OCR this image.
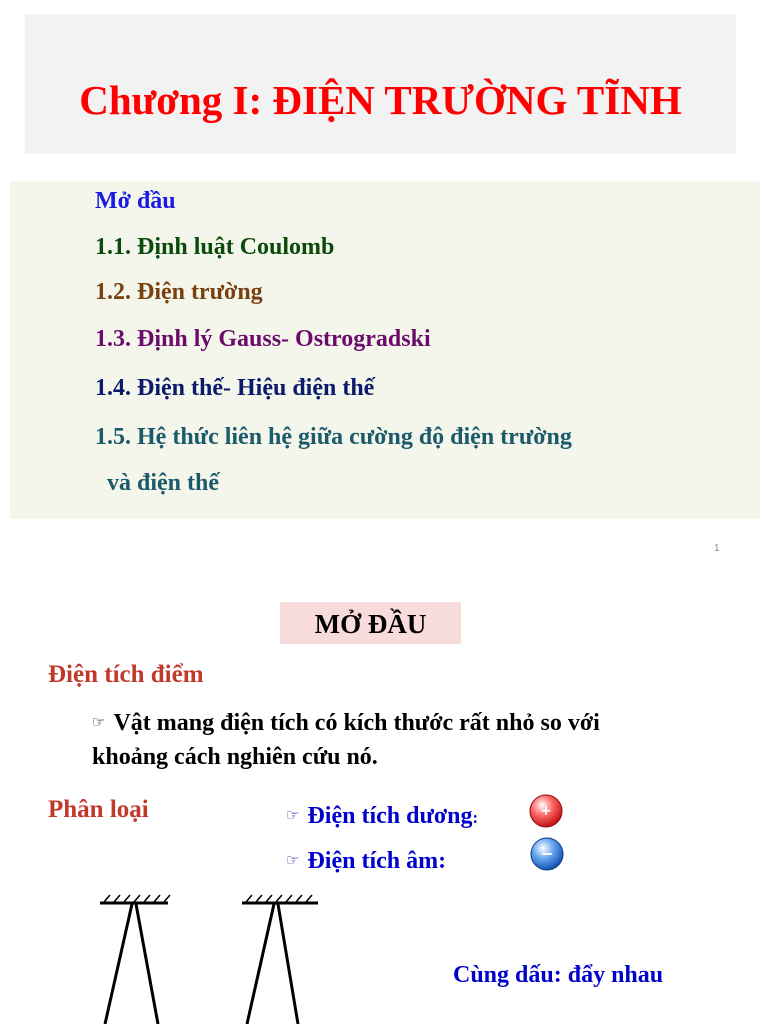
Chương I: ĐIỆN TRƯỜNG TĨNH
Mở đầu
1.1. Định luật Coulomb
1.2. Điện trường
1.3. Định lý Gauss- Ostrogradski
1.4. Điện thế- Hiệu điện thế
1.5. Hệ thức liên hệ giữa cường độ điện trường
và điện thế
1
MỞ ĐẦU
Điện tích điểm
☞ Vật mang điện tích có kích thước rất nhỏ so với
khoảng cách nghiên cứu nó.
Phân loại	☞ Điện tích dương:	+
☞ Điện tích âm:	−
Cùng dấu: đẩy nhau
